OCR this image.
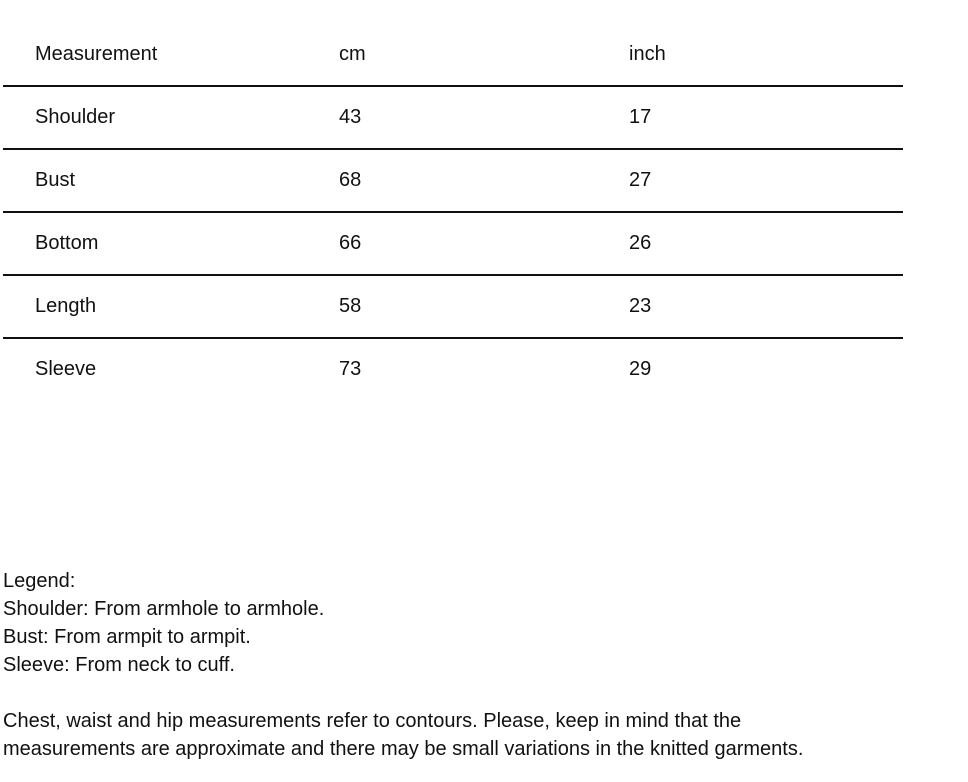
Measurement	cm	inch
Shoulder	43	17
Bust	68	27
Bottom	66	26
Length	58	23
Sleeve	73	29
Legend:
Shoulder: From armhole to armhole.
Bust: From armpit to armpit.
Sleeve: From neck to cuff.
Chest, waist and hip measurements refer to contours. Please, keep in mind that the
measurements are approximate and there may be small variations in the knitted garments.
